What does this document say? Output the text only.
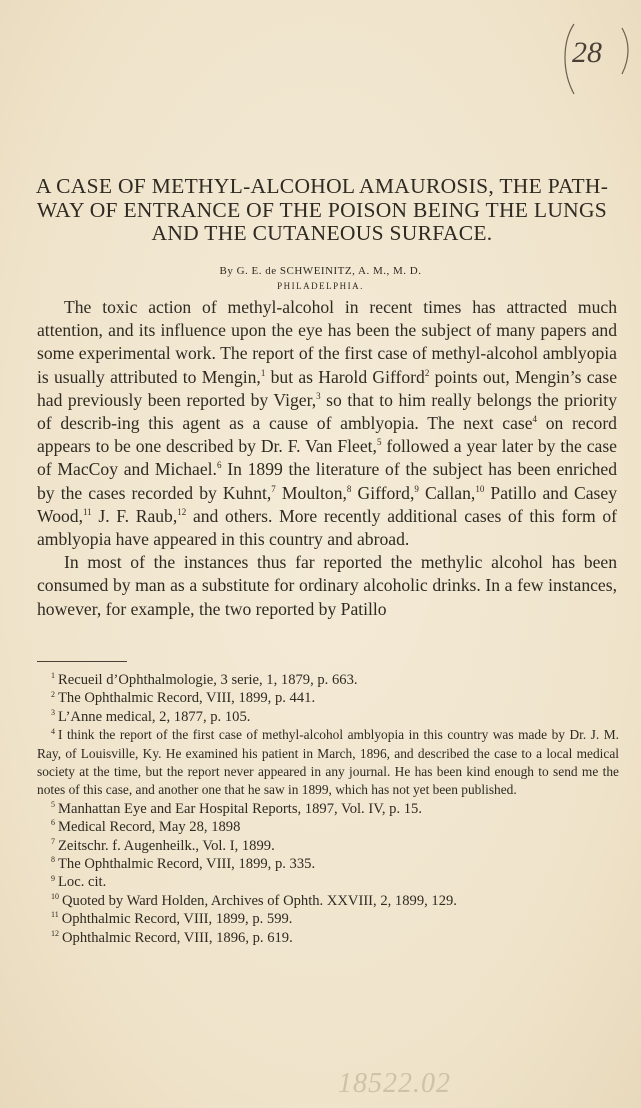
28
A CASE OF METHYL-ALCOHOL AMAUROSIS, THE PATH-WAY OF ENTRANCE OF THE POISON BEING THE LUNGS AND THE CUTANEOUS SURFACE.
By G. E. de SCHWEINITZ, A. M., M. D.
PHILADELPHIA.

The toxic action of methyl-alcohol in recent times has attracted much attention, and its influence upon the eye has been the subject of many papers and some experimental work. The report of the first case of methyl-alcohol amblyopia is usually attributed to Mengin,$^1$ but as Harold Gifford$^2$ points out, Mengin’s case had previously been reported by Viger,$^3$ so that to him really belongs the priority of describ-ing this agent as a cause of amblyopia. The next case$^4$ on record appears to be one described by Dr. F. Van Fleet,$^5$ followed a year later by the case of MacCoy and Michael.$^6$ In 1899 the literature of the subject has been enriched by the cases recorded by Kuhnt,$^7$ Moulton,$^8$ Gifford,$^9$ Callan,$^{10}$ Patillo and Casey Wood,$^{11}$ J. F. Raub,$^{12}$ and others. More recently additional cases of this form of amblyopia have appeared in this country and abroad.

In most of the instances thus far reported the methylic alcohol has been consumed by man as a substitute for ordinary alcoholic drinks. In a few instances, however, for example, the two reported by Patillo

$^1$ Recueil d’Ophthalmologie, 3 serie, 1, 1879, p. 663.
$^2$ The Ophthalmic Record, VIII, 1899, p. 441.
$^3$ L’Anne medical, 2, 1877, p. 105.
$^4$ I think the report of the first case of methyl-alcohol amblyopia in this country was made by Dr. J. M. Ray, of Louisville, Ky. He examined his patient in March, 1896, and described the case to a local medical society at the time, but the report never appeared in any journal. He has been kind enough to send me the notes of this case, and another one that he saw in 1899, which has not yet been published.
$^5$ Manhattan Eye and Ear Hospital Reports, 1897, Vol. IV, p. 15.
$^6$ Medical Record, May 28, 1898
$^7$ Zeitschr. f. Augenheilk., Vol. I, 1899.
$^8$ The Ophthalmic Record, VIII, 1899, p. 335.
$^9$ Loc. cit.
$^{10}$ Quoted by Ward Holden, Archives of Ophth. XXVIII, 2, 1899, 129.
$^{11}$ Ophthalmic Record, VIII, 1899, p. 599.
$^{12}$ Ophthalmic Record, VIII, 1896, p. 619.
18522.02
